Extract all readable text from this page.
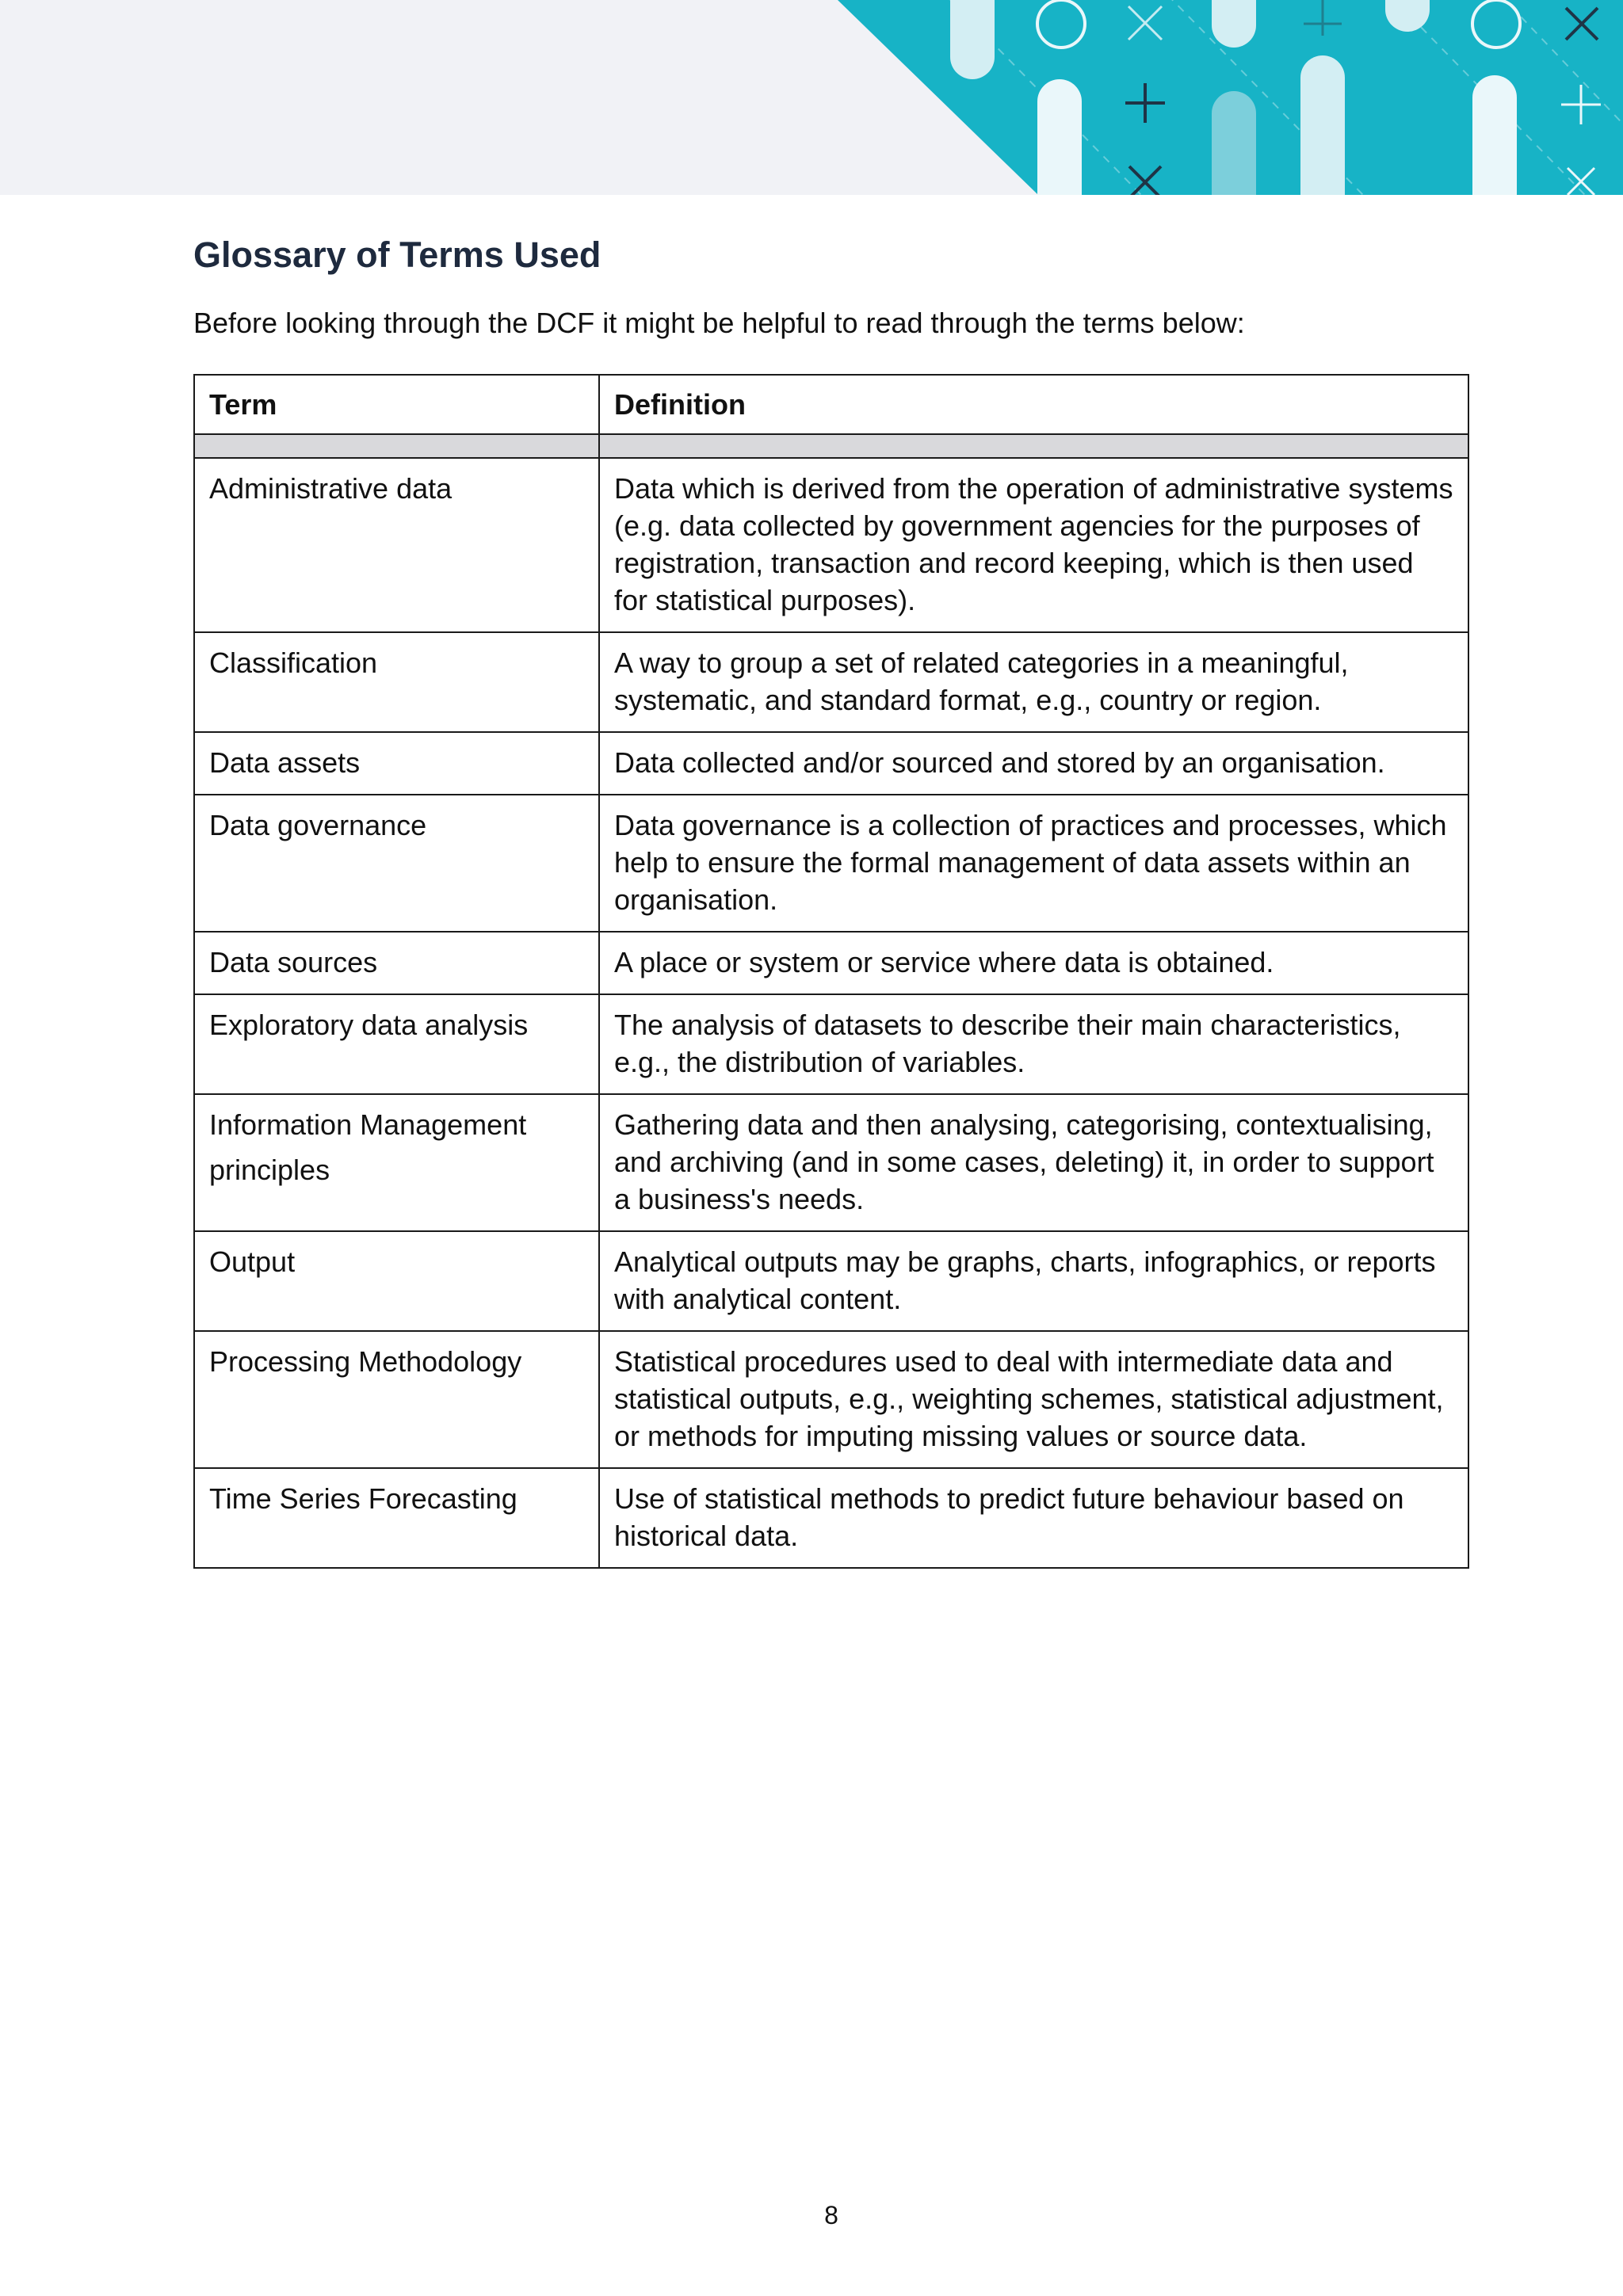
Glossary of Terms Used

Before looking through the DCF it might be helpful to read through the terms below:

Term	Definition

Administrative data	Data which is derived from the operation of administrative systems (e.g. data collected by government agencies for the purposes of registration, transaction and record keeping, which is then used for statistical purposes).
Classification	A way to group a set of related categories in a meaningful, systematic, and standard format, e.g., country or region.
Data assets	Data collected and/or sourced and stored by an organisation.
Data governance	Data governance is a collection of practices and processes, which help to ensure the formal management of data assets within an organisation.
Data sources	A place or system or service where data is obtained.
Exploratory data analysis	The analysis of datasets to describe their main characteristics, e.g., the distribution of variables.

Information Management
principles	Gathering data and then analysing, categorising, contextualising, and archiving (and in some cases, deleting) it, in order to support a business's needs.
Output	Analytical outputs may be graphs, charts, infographics, or reports with analytical content.
Processing Methodology	Statistical procedures used to deal with intermediate data and statistical outputs, e.g., weighting schemes, statistical adjustment, or methods for imputing missing values or source data.
Time Series Forecasting	Use of statistical methods to predict future behaviour based on historical data.
8
